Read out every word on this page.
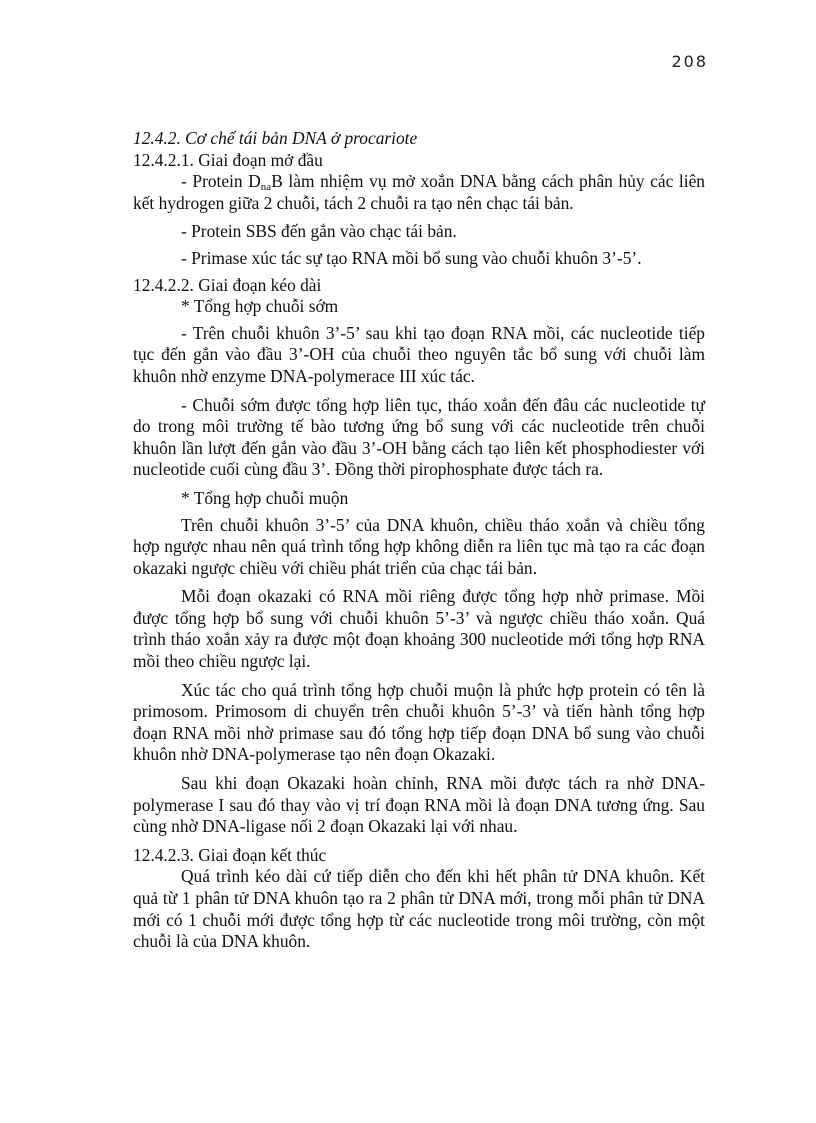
208

12.4.2. Cơ chế tái bản DNA ở procariote

12.4.2.1. Giai đoạn mở đầu

- Protein $D_{na}B$ làm nhiệm vụ mở xoắn DNA bằng cách phân hủy các liên kết hydrogen giữa 2 chuỗi, tách 2 chuỗi ra tạo nên chạc tái bản.

- Protein SBS đến gắn vào chạc tái bản.

- Primase xúc tác sự tạo RNA mồi bổ sung vào chuỗi khuôn 3’-5’.

12.4.2.2. Giai đoạn kéo dài

* Tổng hợp chuỗi sớm

- Trên chuỗi khuôn 3’-5’ sau khi tạo đoạn RNA mồi, các nucleotide tiếp tục đến gắn vào đầu 3’-OH của chuỗi theo nguyên tắc bổ sung với chuỗi làm khuôn nhờ enzyme DNA-polymerace III xúc tác.

- Chuỗi sớm được tổng hợp liên tục, tháo xoắn đến đâu các nucleotide tự do trong môi trường tế bào tương ứng bổ sung với các nucleotide trên chuỗi khuôn lần lượt đến gắn vào đầu 3’-OH bằng cách tạo liên kết phosphodiester với nucleotide cuối cùng đầu 3’. Đồng thời pirophosphate được tách ra.

* Tổng hợp chuỗi muộn

Trên chuỗi khuôn 3’-5’ của DNA khuôn, chiều tháo xoắn và chiều tổng hợp ngược nhau nên quá trình tổng hợp không diễn ra liên tục mà tạo ra các đoạn okazaki ngược chiều với chiều phát triển của chạc tái bản.

Mỗi đoạn okazaki có RNA mồi riêng được tổng hợp nhờ primase. Mồi được tổng hợp bổ sung với chuỗi khuôn 5’-3’ và ngược chiều tháo xoắn. Quá trình tháo xoắn xảy ra được một đoạn khoảng 300 nucleotide mới tổng hợp RNA mồi theo chiều ngược lại.

Xúc tác cho quá trình tổng hợp chuỗi muộn là phức hợp protein có tên là primosom. Primosom di chuyển trên chuỗi khuôn 5’-3’ và tiến hành tổng hợp đoạn RNA mồi nhờ primase sau đó tổng hợp tiếp đoạn DNA bổ sung vào chuỗi khuôn nhờ DNA-polymerase tạo nên đoạn Okazaki.

Sau khi đoạn Okazaki hoàn chỉnh, RNA mồi được tách ra nhờ DNA-polymerase I sau đó thay vào vị trí đoạn RNA mồi là đoạn DNA tương ứng. Sau cùng nhờ DNA-ligase nối 2 đoạn Okazaki lại với nhau.

12.4.2.3. Giai đoạn kết thúc

Quá trình kéo dài cứ tiếp diễn cho đến khi hết phân tử DNA khuôn. Kết quả từ 1 phân tử DNA khuôn tạo ra 2 phân tử DNA mới, trong mỗi phân tử DNA mới có 1 chuỗi mới được tổng hợp từ các nucleotide trong môi trường, còn một chuỗi là của DNA khuôn.
